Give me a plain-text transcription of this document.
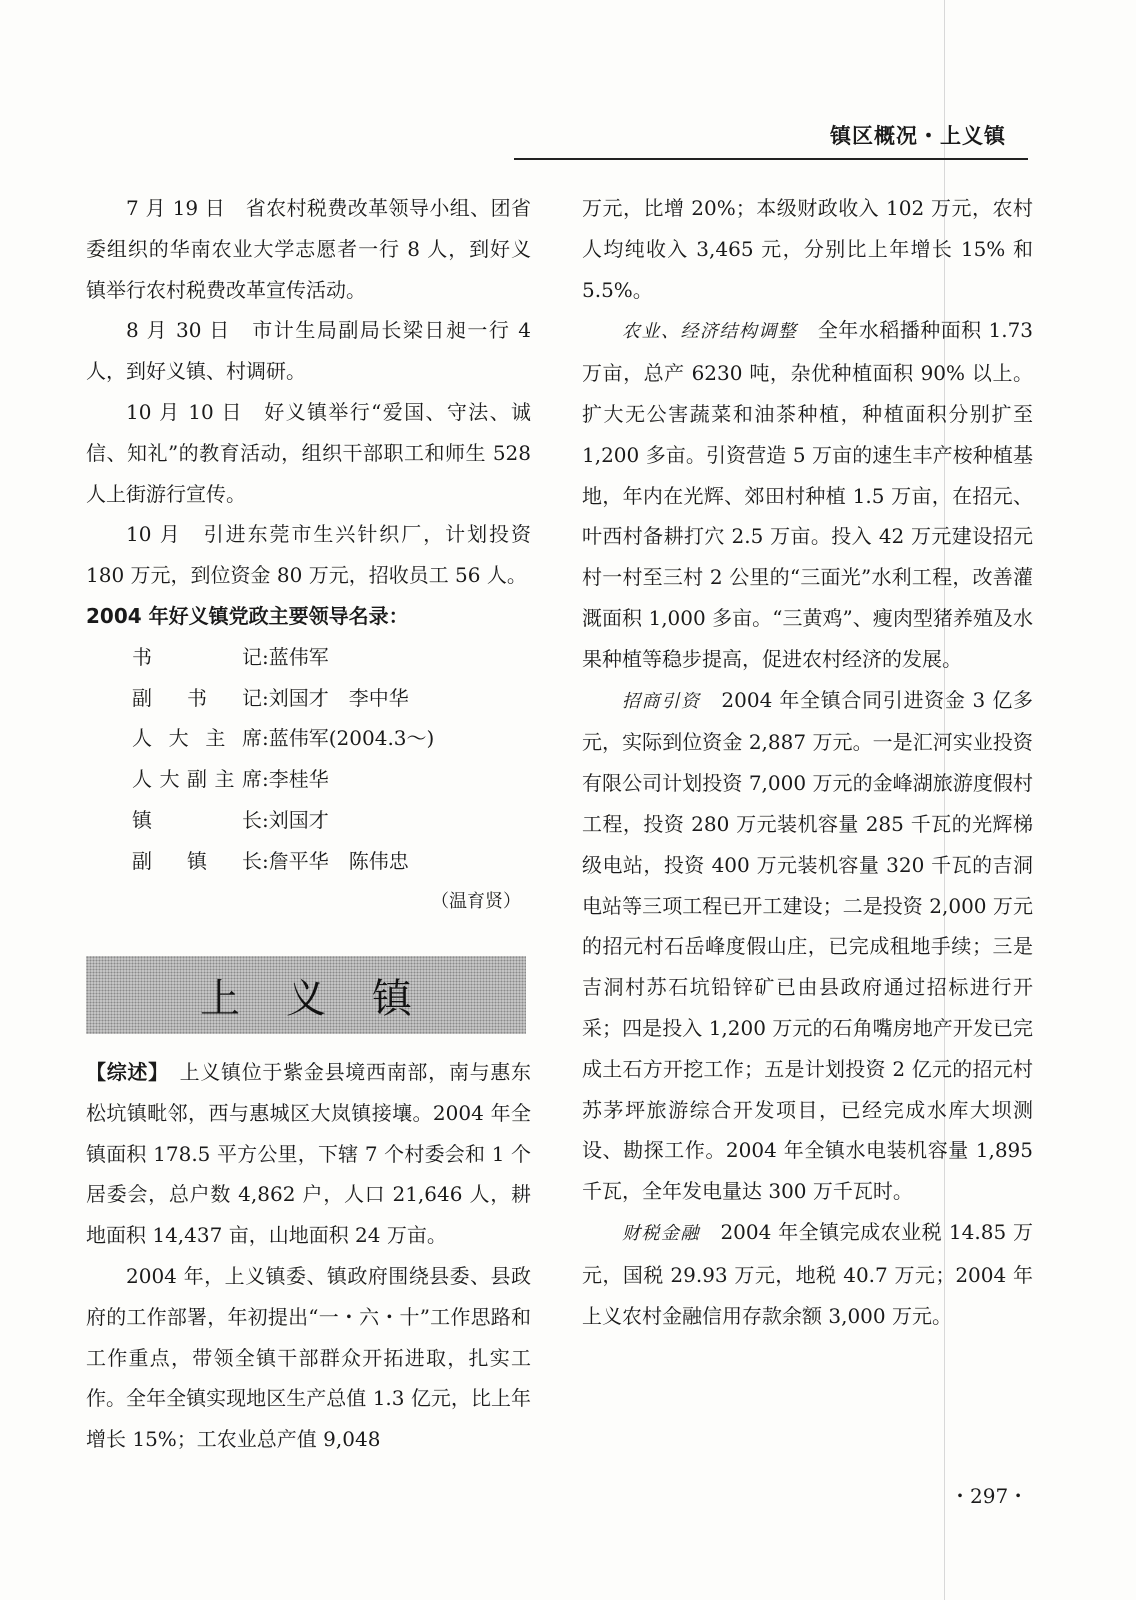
镇区概况・上义镇

7 月 19 日　省农村税费改革领导小组、团省委组织的华南农业大学志愿者一行 8 人，到好义镇举行农村税费改革宣传活动。

8 月 30 日　市计生局副局长梁日昶一行 4 人，到好义镇、村调研。

10 月 10 日　好义镇举行“爱国、守法、诚信、知礼”的教育活动，组织干部职工和师生 528 人上街游行宣传。

10 月　引进东莞市生兴针织厂，计划投资 180 万元，到位资金 80 万元，招收员工 56 人。

2004 年好义镇党政主要领导名录：

书记 : 蓝伟军
副书记 : 刘国才　李中华
人大主席 : 蓝伟军(2004.3～)
人大副主席 : 李桂华
镇长 : 刘国才
副镇长 : 詹平华　陈伟忠
（温育贤）
上义镇

【综述】　 上义镇位于紫金县境西南部，南与惠东松坑镇毗邻，西与惠城区大岚镇接壤。2004 年全镇面积 178.5 平方公里，下辖 7 个村委会和 1 个居委会，总户数 4,862 户，人口 21,646 人，耕地面积 14,437 亩，山地面积 24 万亩。

2004 年，上义镇委、镇政府围绕县委、县政府的工作部署，年初提出“一・六・十”工作思路和工作重点，带领全镇干部群众开拓进取，扎实工作。全年全镇实现地区生产总值 1.3 亿元，比上年增长 15%；工农业总产值 9,048

万元，比增 20%；本级财政收入 102 万元，农村人均纯收入 3,465 元，分别比上年增长 15% 和 5.5%。

农业、经济结构调整　 全年水稻播种面积 1.73 万亩，总产 6230 吨，杂优种植面积 90% 以上。扩大无公害蔬菜和油茶种植，种植面积分别扩至 1,200 多亩。引资营造 5 万亩的速生丰产桉种植基地，年内在光辉、郊田村种植 1.5 万亩，在招元、叶西村备耕打穴 2.5 万亩。投入 42 万元建设招元村一村至三村 2 公里的“三面光”水利工程，改善灌溉面积 1,000 多亩。“三黄鸡”、瘦肉型猪养殖及水果种植等稳步提高，促进农村经济的发展。

招商引资　 2004 年全镇合同引进资金 3 亿多元，实际到位资金 2,887 万元。一是汇河实业投资有限公司计划投资 7,000 万元的金峰湖旅游度假村工程，投资 280 万元装机容量 285 千瓦的光辉梯级电站，投资 400 万元装机容量 320 千瓦的吉洞电站等三项工程已开工建设；二是投资 2,000 万元的招元村石岳峰度假山庄，已完成租地手续；三是吉洞村苏石坑铅锌矿已由县政府通过招标进行开采；四是投入 1,200 万元的石角嘴房地产开发已完成土石方开挖工作；五是计划投资 2 亿元的招元村苏茅坪旅游综合开发项目，已经完成水库大坝测设、勘探工作。2004 年全镇水电装机容量 1,895 千瓦，全年发电量达 300 万千瓦时。

财税金融　 2004 年全镇完成农业税 14.85 万元，国税 29.93 万元，地税 40.7 万元；2004 年上义农村金融信用存款余额 3,000 万元。

・297・
